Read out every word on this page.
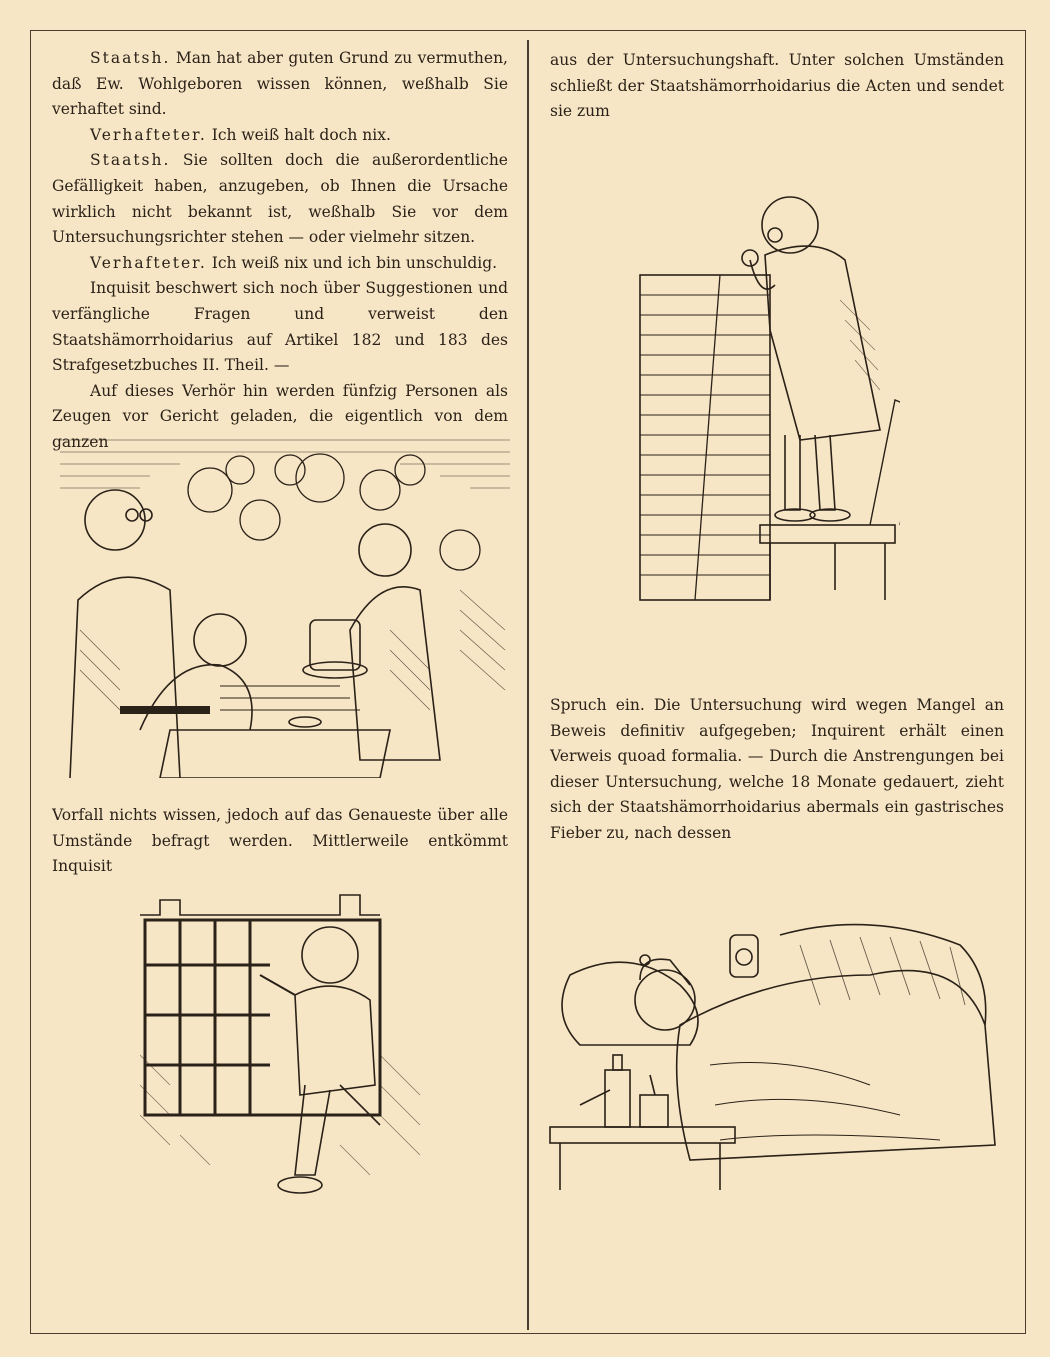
Staatsh. Man hat aber guten Grund zu vermuthen, daß Ew. Wohlgeboren wissen können, weßhalb Sie verhaftet sind.

Verhafteter. Ich weiß halt doch nix.

Staatsh. Sie sollten doch die außerordentliche Gefälligkeit haben, anzugeben, ob Ihnen die Ursache wirklich nicht bekannt ist, weßhalb Sie vor dem Untersuchungsrichter stehen — oder vielmehr sitzen.

Verhafteter. Ich weiß nix und ich bin unschuldig.

Inquisit beschwert sich noch über Suggestionen und verfängliche Fragen und verweist den Staatshämorrhoidarius auf Artikel 182 und 183 des Strafgesetzbuches II. Theil. —

Auf dieses Verhör hin werden fünfzig Personen als Zeugen vor Gericht geladen, die eigentlich von dem ganzen

Vorfall nichts wissen, jedoch auf das Genaueste über alle Umstände befragt werden. Mittlerweile entkömmt Inquisit

aus der Untersuchungshaft. Unter solchen Umständen schließt der Staatshämorrhoidarius die Acten und sendet sie zum

Spruch ein. Die Untersuchung wird wegen Mangel an Beweis definitiv aufgegeben; Inquirent erhält einen Verweis quoad formalia. — Durch die Anstrengungen bei dieser Untersuchung, welche 18 Monate gedauert, zieht sich der Staatshämorrhoidarius abermals ein gastrisches Fieber zu, nach dessen
